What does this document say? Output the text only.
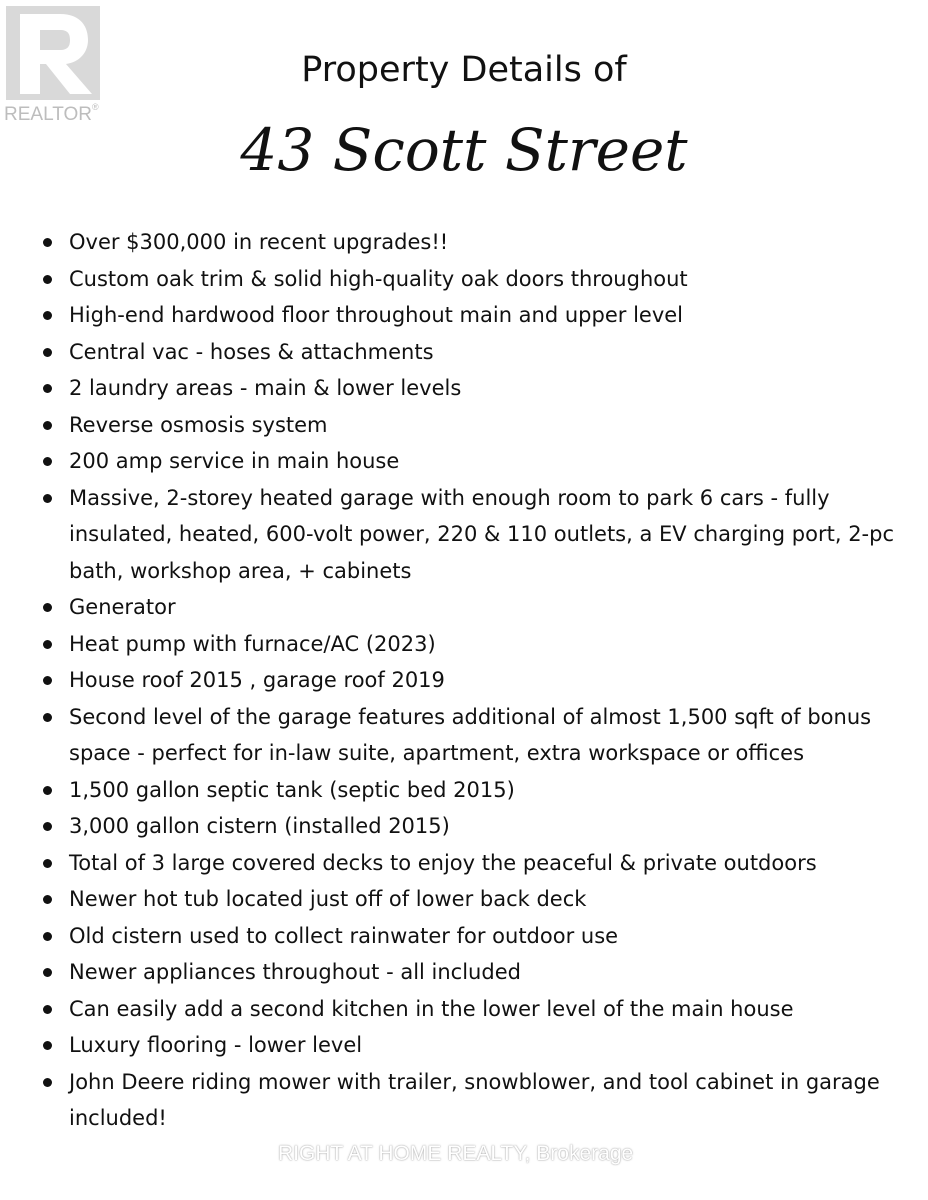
REALTOR®
Property Details of
43 Scott Street
Over $300,000 in recent upgrades!!
Custom oak trim & solid high-quality oak doors throughout
High-end hardwood floor throughout main and upper level
Central vac - hoses & attachments
2 laundry areas - main & lower levels
Reverse osmosis system
200 amp service in main house
Massive, 2-storey heated garage with enough room to park 6 cars - fully insulated, heated, 600-volt power, 220 & 110 outlets, a EV charging port, 2-pc bath, workshop area, + cabinets
Generator
Heat pump with furnace/AC (2023)
House roof 2015 , garage roof 2019
Second level of the garage features additional of almost 1,500 sqft of bonus space - perfect for in-law suite, apartment, extra workspace or offices
1,500 gallon septic tank (septic bed 2015)
3,000 gallon cistern (installed 2015)
Total of 3 large covered decks to enjoy the peaceful & private outdoors
Newer hot tub located just off of lower back deck
Old cistern used to collect rainwater for outdoor use
Newer appliances throughout - all included
Can easily add a second kitchen in the lower level of the main house
Luxury flooring - lower level
John Deere riding mower with trailer, snowblower, and tool cabinet in garage included!
RIGHT AT HOME REALTY, Brokerage
